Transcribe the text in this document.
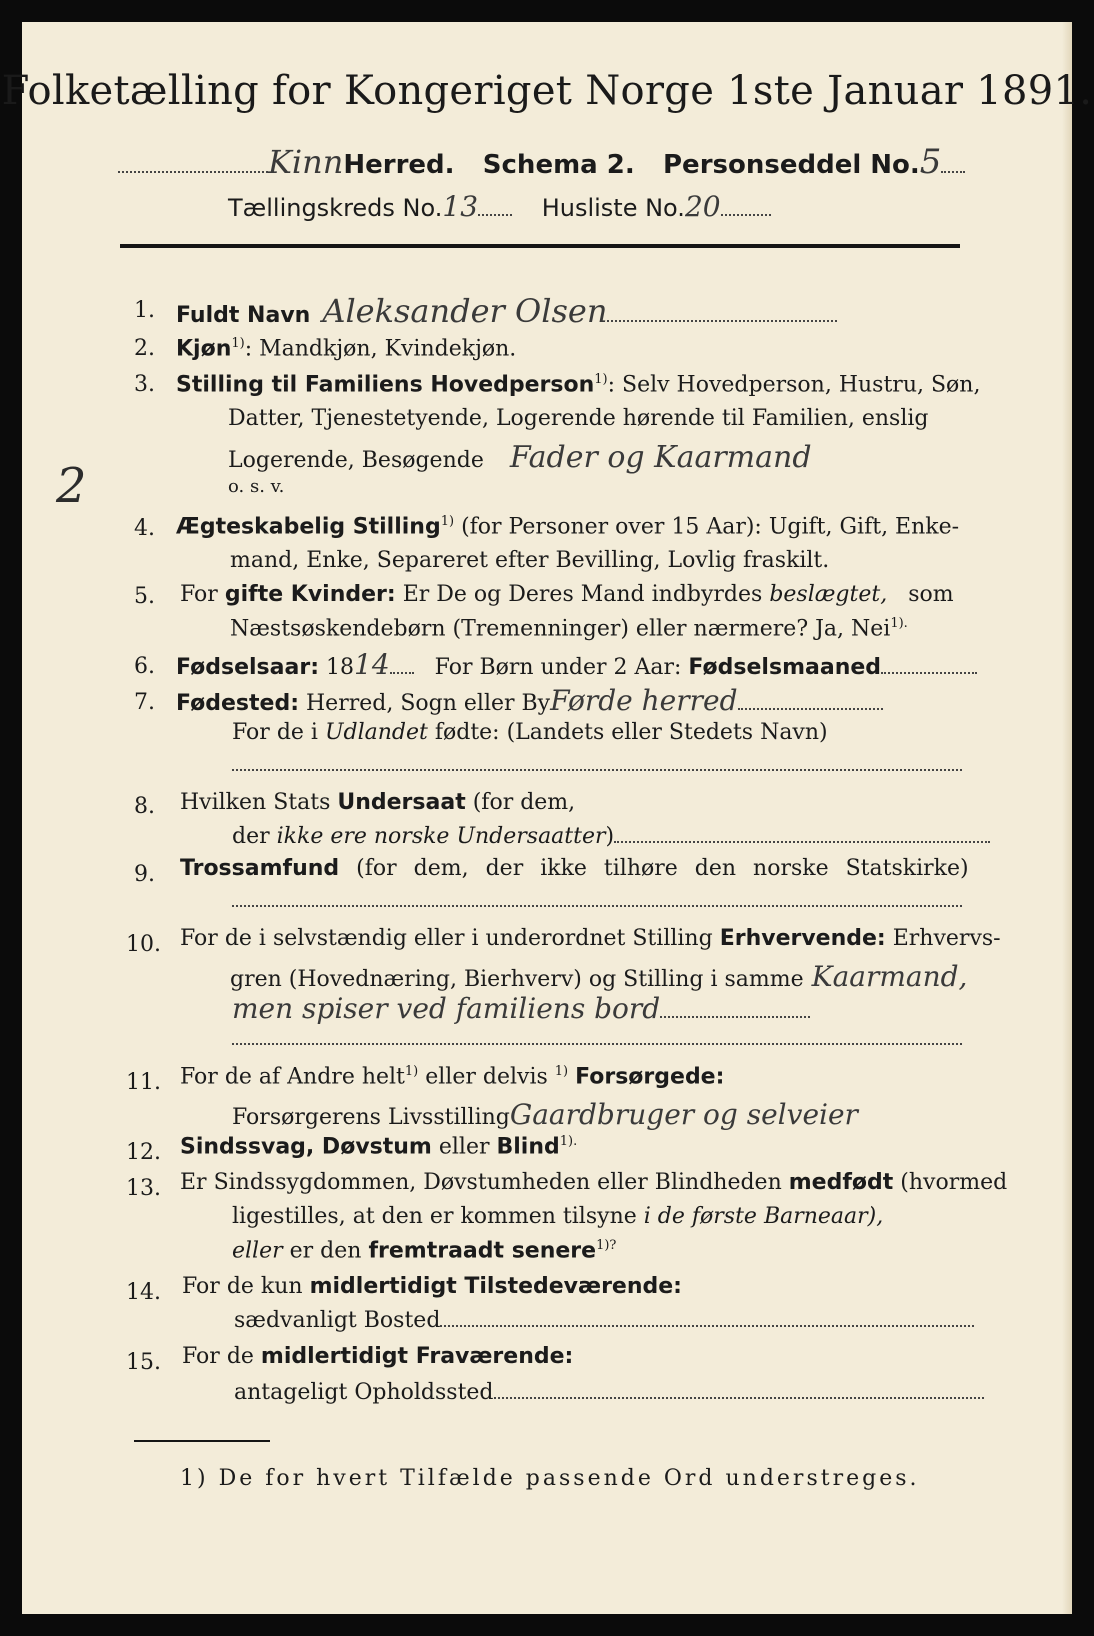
Folketælling for Kongeriget Norge 1ste Januar 1891.
KinnHerred. Schema 2. Personseddel No.5
Tællingskreds No.13	Husliste No.20
1. Fuldt Navn Aleksander Olsen
2. Kjøn$^{1)}$: Mandkjøn, Kvindekjøn.
3. Stilling til Familiens Hovedperson$^{1)}$: Selv Hovedperson, Hustru, Søn,
Datter, Tjenestetyende, Logerende hørende til Familien, enslig
Logerende, Besøgende Fader og Kaarmand
o. s. v.
4. Ægteskabelig Stilling$^{1)}$ (for Personer over 15 Aar): Ugift, Gift, Enke-
mand, Enke, Separeret efter Bevilling, Lovlig fraskilt.
5. For gifte Kvinder: Er De og Deres Mand indbyrdes beslægtet, som
Næstsøskendebørn (Tremenninger) eller nærmere? Ja, Nei$^{1).}$
6. Fødselsaar: 1814 For Børn under 2 Aar: Fødselsmaaned
7. Fødested: Herred, Sogn eller ByFørde herred
For de i Udlandet fødte: (Landets eller Stedets Navn)
8. Hvilken Stats Undersaat (for dem,
der ikke ere norske Undersaatter)
9. Trossamfund (for dem, der ikke tilhøre den norske Statskirke)
10. For de i selvstændig eller i underordnet Stilling Erhvervende: Erhvervs-
gren (Hovednæring, Bierhverv) og Stilling i samme Kaarmand,
men spiser ved familiens bord
11. For de af Andre helt$^{1)}$ eller delvis $^{1)}$ Forsørgede:
Forsørgerens LivsstillingGaardbruger og selveier
12. Sindssvag, Døvstum eller Blind$^{1).}$
13. Er Sindssygdommen, Døvstumheden eller Blindheden medfødt (hvormed
ligestilles, at den er kommen tilsyne i de første Barneaar),
eller er den fremtraadt senere$^{1)?}$
14. For de kun midlertidigt Tilstedeværende:
sædvanligt Bosted
15. For de midlertidigt Fraværende:
antageligt Opholdssted
1) De for hvert Tilfælde passende Ord understreges.
2
